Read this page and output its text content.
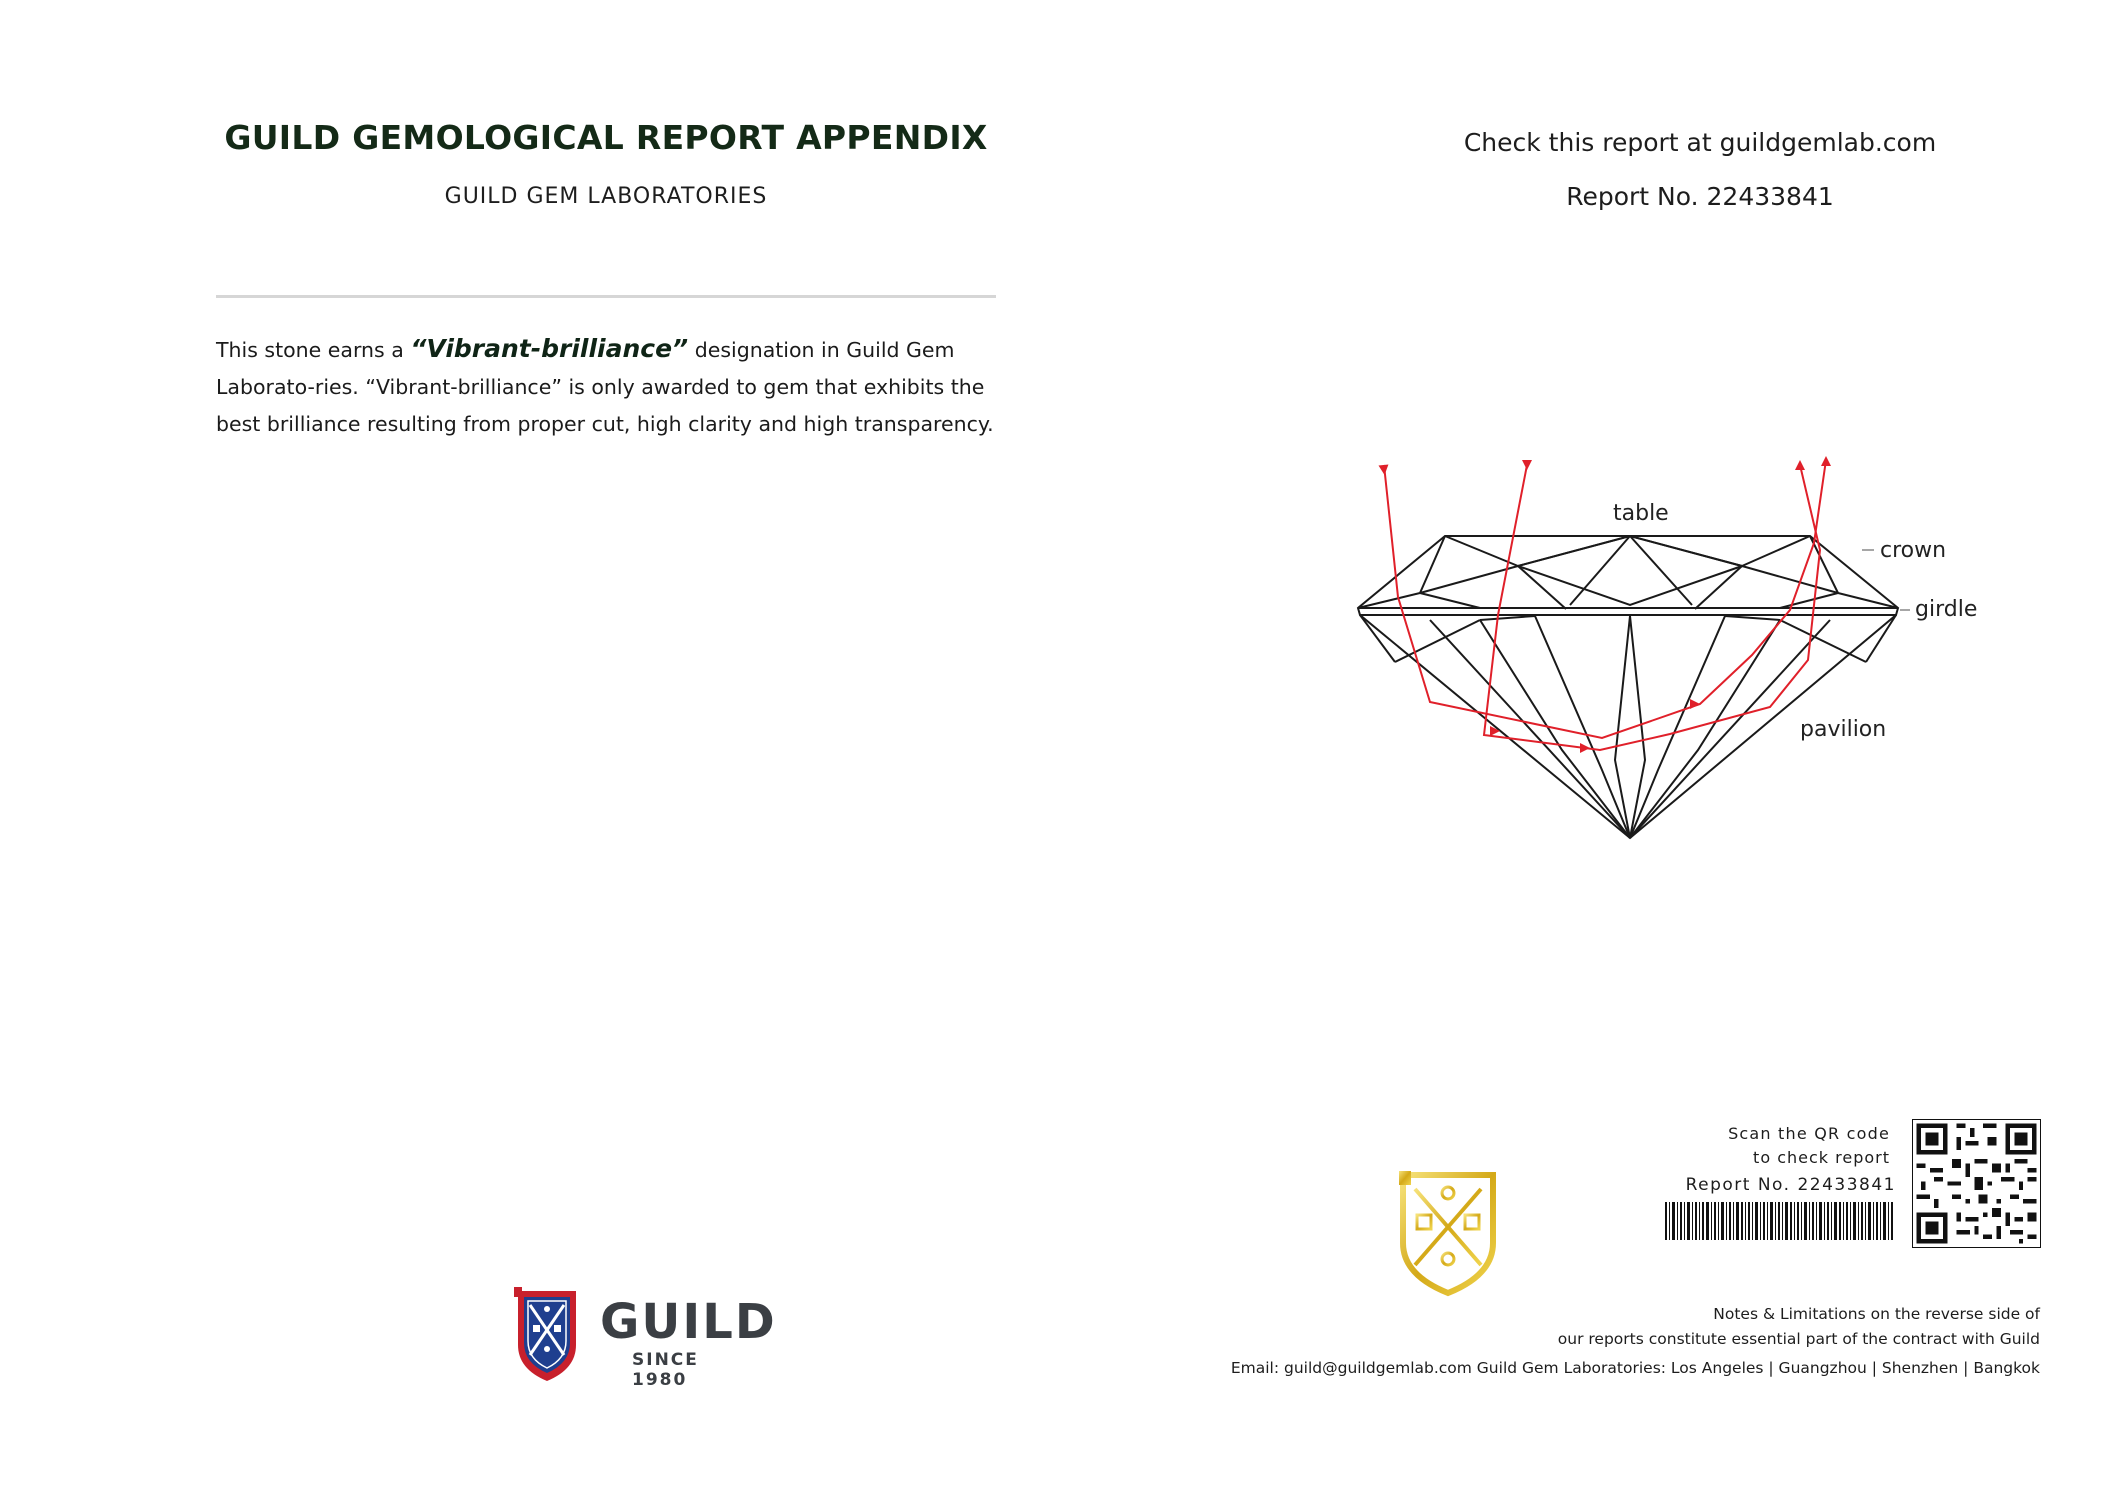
GUILD GEMOLOGICAL REPORT APPENDIX
GUILD GEM LABORATORIES
This stone earns a “Vibrant-brilliance” designation in Guild Gem Laborato-ries. “Vibrant-brilliance” is only awarded to gem that exhibits the best brilliance resulting from proper cut, high clarity and high transparency.
GUILD
SINCE 1980
Check this report at guildgemlab.com
Report No. 22433841
table
crown
girdle
pavilion
Scan the QR code
to check report
Report No. 22433841
Notes & Limitations on the reverse side of
our reports constitute essential part of the contract with Guild
Email: guild@guildgemlab.com Guild Gem Laboratories: Los Angeles | Guangzhou | Shenzhen | Bangkok
